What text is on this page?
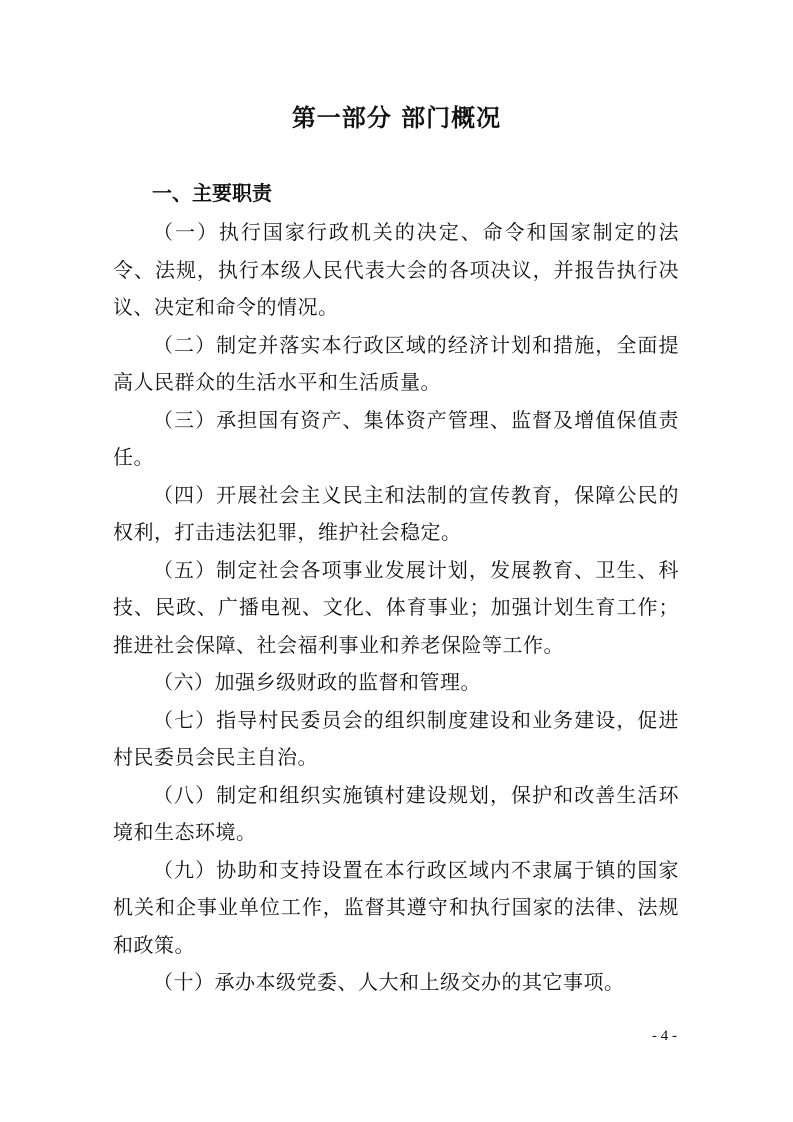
第一部分 部门概况
一、主要职责

（一）执行国家行政机关的决定、命令和国家制定的法令、法规，执行本级人民代表大会的各项决议，并报告执行决议、决定和命令的情况。

（二）制定并落实本行政区域的经济计划和措施，全面提高人民群众的生活水平和生活质量。

（三）承担国有资产、集体资产管理、监督及增值保值责任。

（四）开展社会主义民主和法制的宣传教育，保障公民的权利，打击违法犯罪，维护社会稳定。

（五）制定社会各项事业发展计划，发展教育、卫生、科技、民政、广播电视、文化、体育事业；加强计划生育工作；推进社会保障、社会福利事业和养老保险等工作。

（六）加强乡级财政的监督和管理。

（七）指导村民委员会的组织制度建设和业务建设，促进村民委员会民主自治。

（八）制定和组织实施镇村建设规划，保护和改善生活环境和生态环境。

（九）协助和支持设置在本行政区域内不隶属于镇的国家机关和企事业单位工作，监督其遵守和执行国家的法律、法规和政策。

（十）承办本级党委、人大和上级交办的其它事项。

- 4 -
